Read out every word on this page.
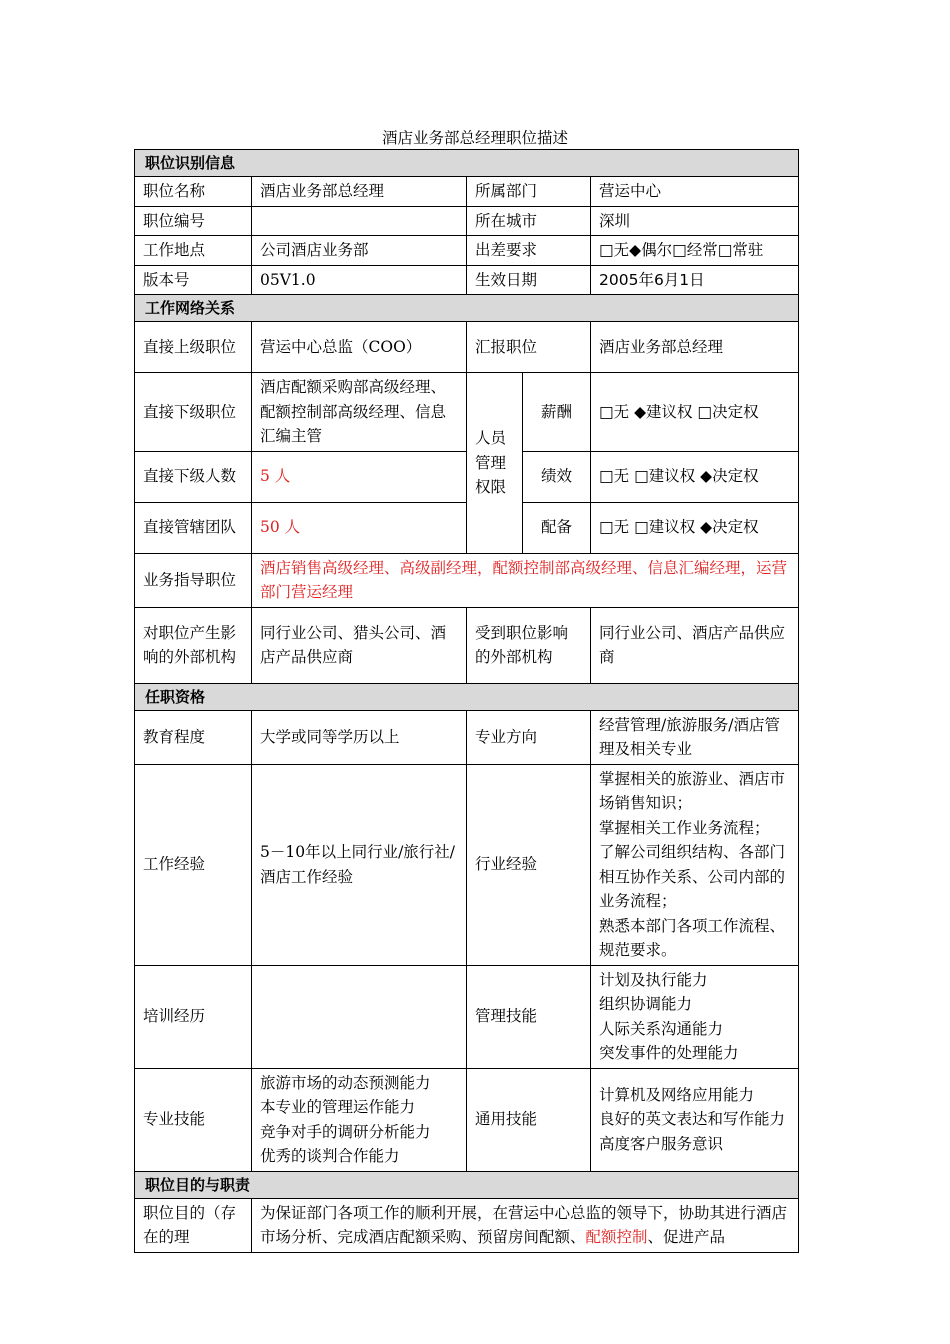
酒店业务部总经理职位描述
职位识别信息				
职位名称	酒店业务部总经理	所属部门		营运中心
职位编号		所在城市		深圳
工作地点	公司酒店业务部	出差要求		□无◆偶尔□经常□常驻
版本号	05V1.0	生效日期		2005年6月1日
工作网络关系				
直接上级职位	营运中心总监（COO）	汇报职位		酒店业务部总经理
直接下级职位	酒店配额采购部高级经理、配额控制部高级经理、信息汇编主管	人员管理权限	薪酬	□无 ◆建议权 □决定权
直接下级人数	5 人		绩效	□无 □建议权 ◆决定权
直接管辖团队	50 人		配备	□无 □建议权 ◆决定权
业务指导职位	酒店销售高级经理、高级副经理，配额控制部高级经理、信息汇编经理，运营部门营运经理			
对职位产生影响的外部机构	同行业公司、猎头公司、酒店产品供应商	受到职位影响的外部机构		同行业公司、酒店产品供应商
任职资格				
教育程度	大学或同等学历以上	专业方向		经营管理/旅游服务/酒店管理及相关专业
工作经验	5－10年以上同行业/旅行社/酒店工作经验	行业经验		掌握相关的旅游业、酒店市场销售知识；
掌握相关工作业务流程；
了解公司组织结构、各部门相互协作关系、公司内部的业务流程；
熟悉本部门各项工作流程、规范要求。

培训经历		管理技能		计划及执行能力
组织协调能力
人际关系沟通能力
突发事件的处理能力

专业技能	旅游市场的动态预测能力
本专业的管理运作能力
竞争对手的调研分析能力
优秀的谈判合作能力	通用技能		计算机及网络应用能力
良好的英文表达和写作能力
高度客户服务意识

职位目的与职责				
职位目的（存在的理	为保证部门各项工作的顺利开展，在营运中心总监的领导下，协助其进行酒店市场分析、完成酒店配额采购、预留房间配额、配额控制、促进产品			
